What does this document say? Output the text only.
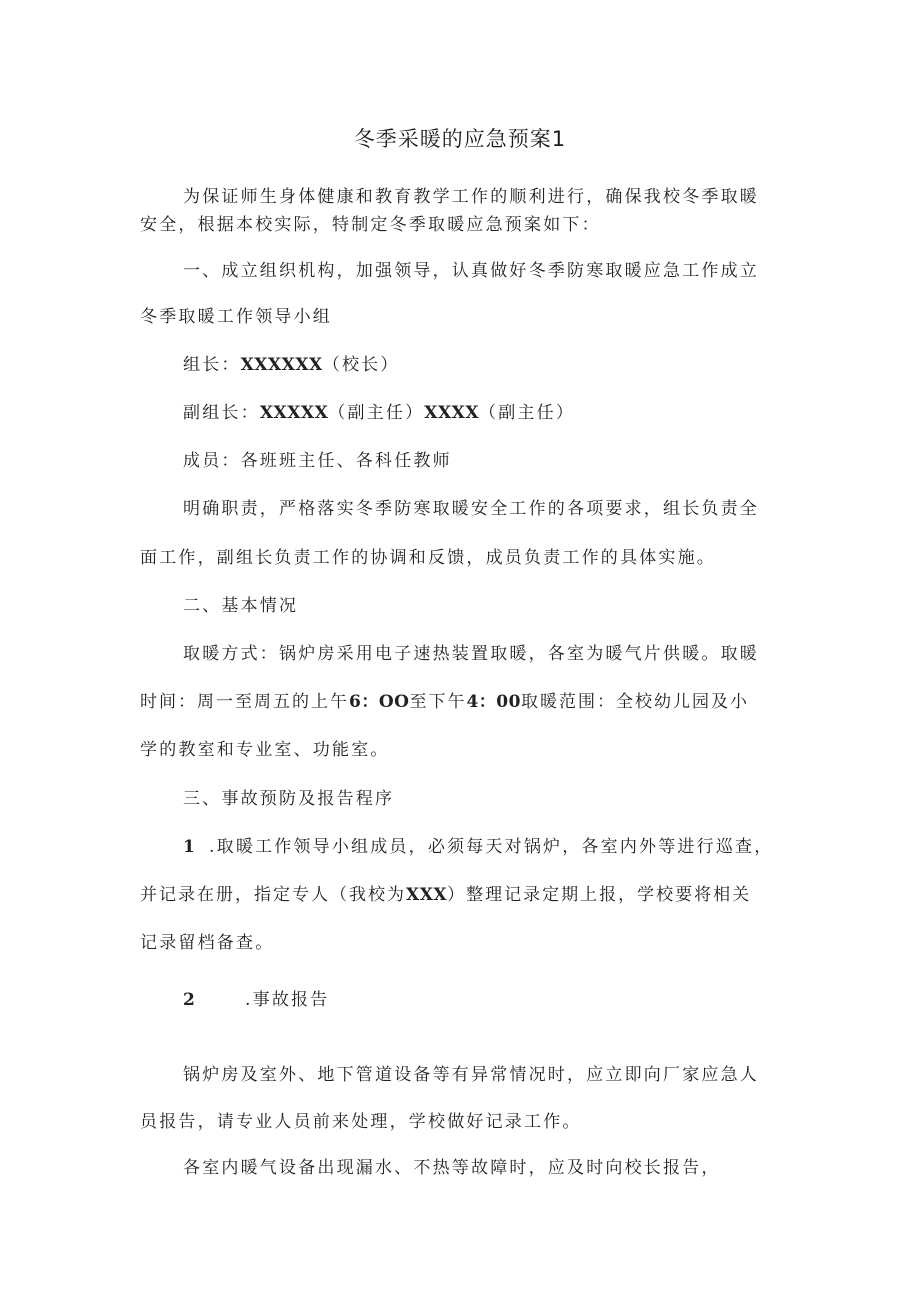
冬季采暖的应急预案1
为保证师生身体健康和教育教学工作的顺利进行，确保我校冬季取暖
安全，根据本校实际，特制定冬季取暖应急预案如下：
一、成立组织机构，加强领导，认真做好冬季防寒取暖应急工作成立
冬季取暖工作领导小组
组长：XXXXXX（校长）
副组长：XXXXX（副主任）XXXX（副主任）
成员：各班班主任、各科任教师
明确职责，严格落实冬季防寒取暖安全工作的各项要求，组长负责全
面工作，副组长负责工作的协调和反馈，成员负责工作的具体实施。
二、基本情况
取暖方式：锅炉房采用电子速热装置取暖，各室为暖气片供暖。取暖
时间：周一至周五的上午6：OO至下午4：00取暖范围：全校幼儿园及小
学的教室和专业室、功能室。
三、事故预防及报告程序
1 .取暖工作领导小组成员，必须每天对锅炉，各室内外等进行巡查，
并记录在册，指定专人（我校为XXX）整理记录定期上报，学校要将相关
记录留档备查。
2	.事故报告
锅炉房及室外、地下管道设备等有异常情况时，应立即向厂家应急人
员报告，请专业人员前来处理，学校做好记录工作。
各室内暖气设备出现漏水、不热等故障时，应及时向校长报告，
